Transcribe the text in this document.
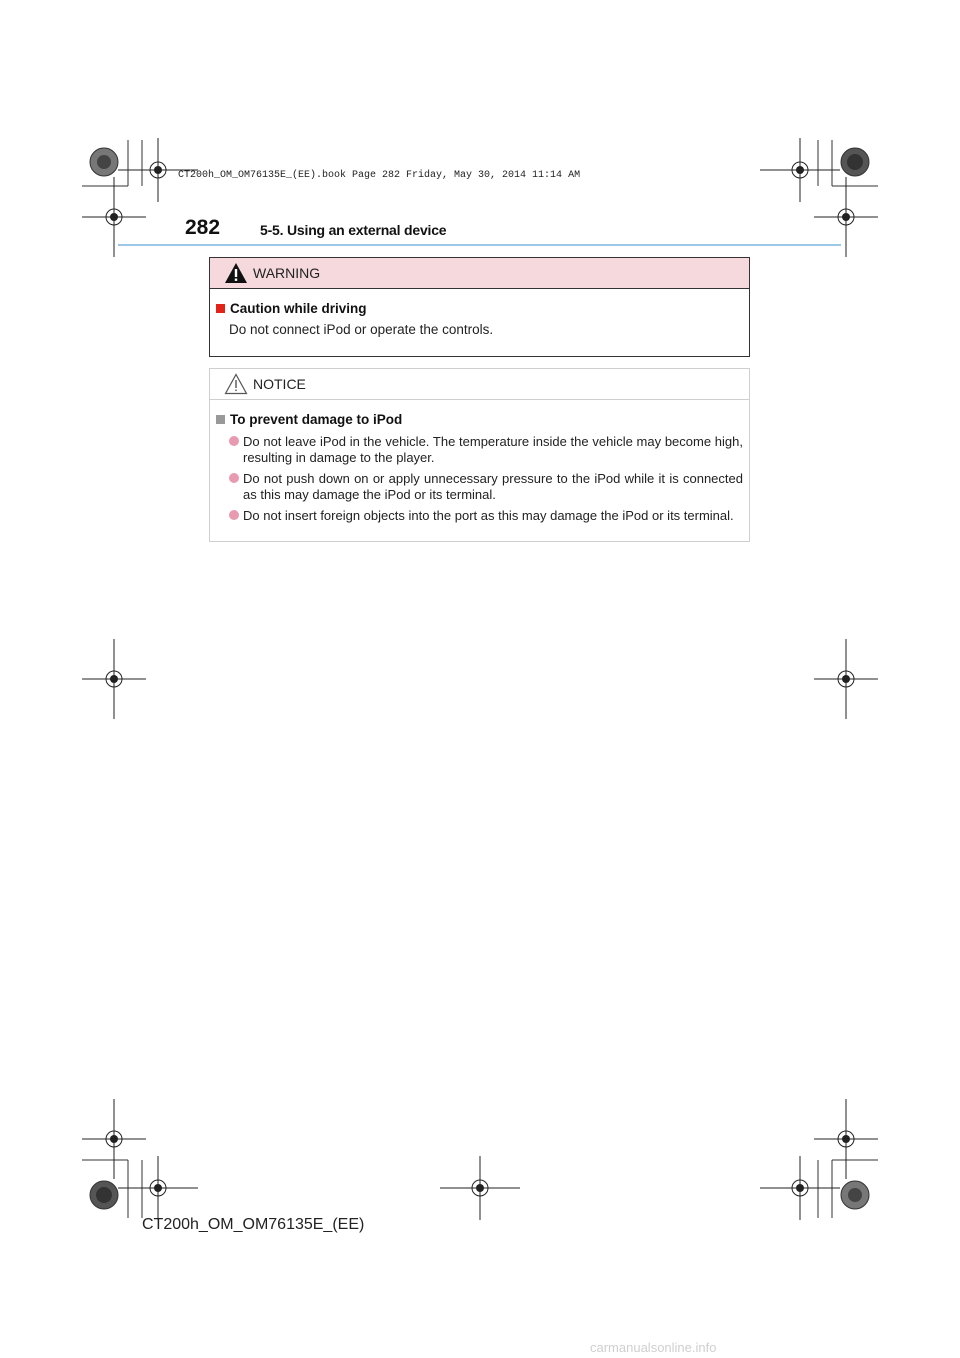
CT200h_OM_OM76135E_(EE).book Page 282 Friday, May 30, 2014 11:14 AM
282	5-5. Using an external device
WARNING
Caution while driving
Do not connect iPod or operate the controls.
NOTICE
To prevent damage to iPod
Do not leave iPod in the vehicle. The temperature inside the vehicle may become high, resulting in damage to the player.
Do not push down on or apply unnecessary pressure to the iPod while it is connected as this may damage the iPod or its terminal.
Do not insert foreign objects into the port as this may damage the iPod or its terminal.
CT200h_OM_OM76135E_(EE)
carmanualsonline.info
